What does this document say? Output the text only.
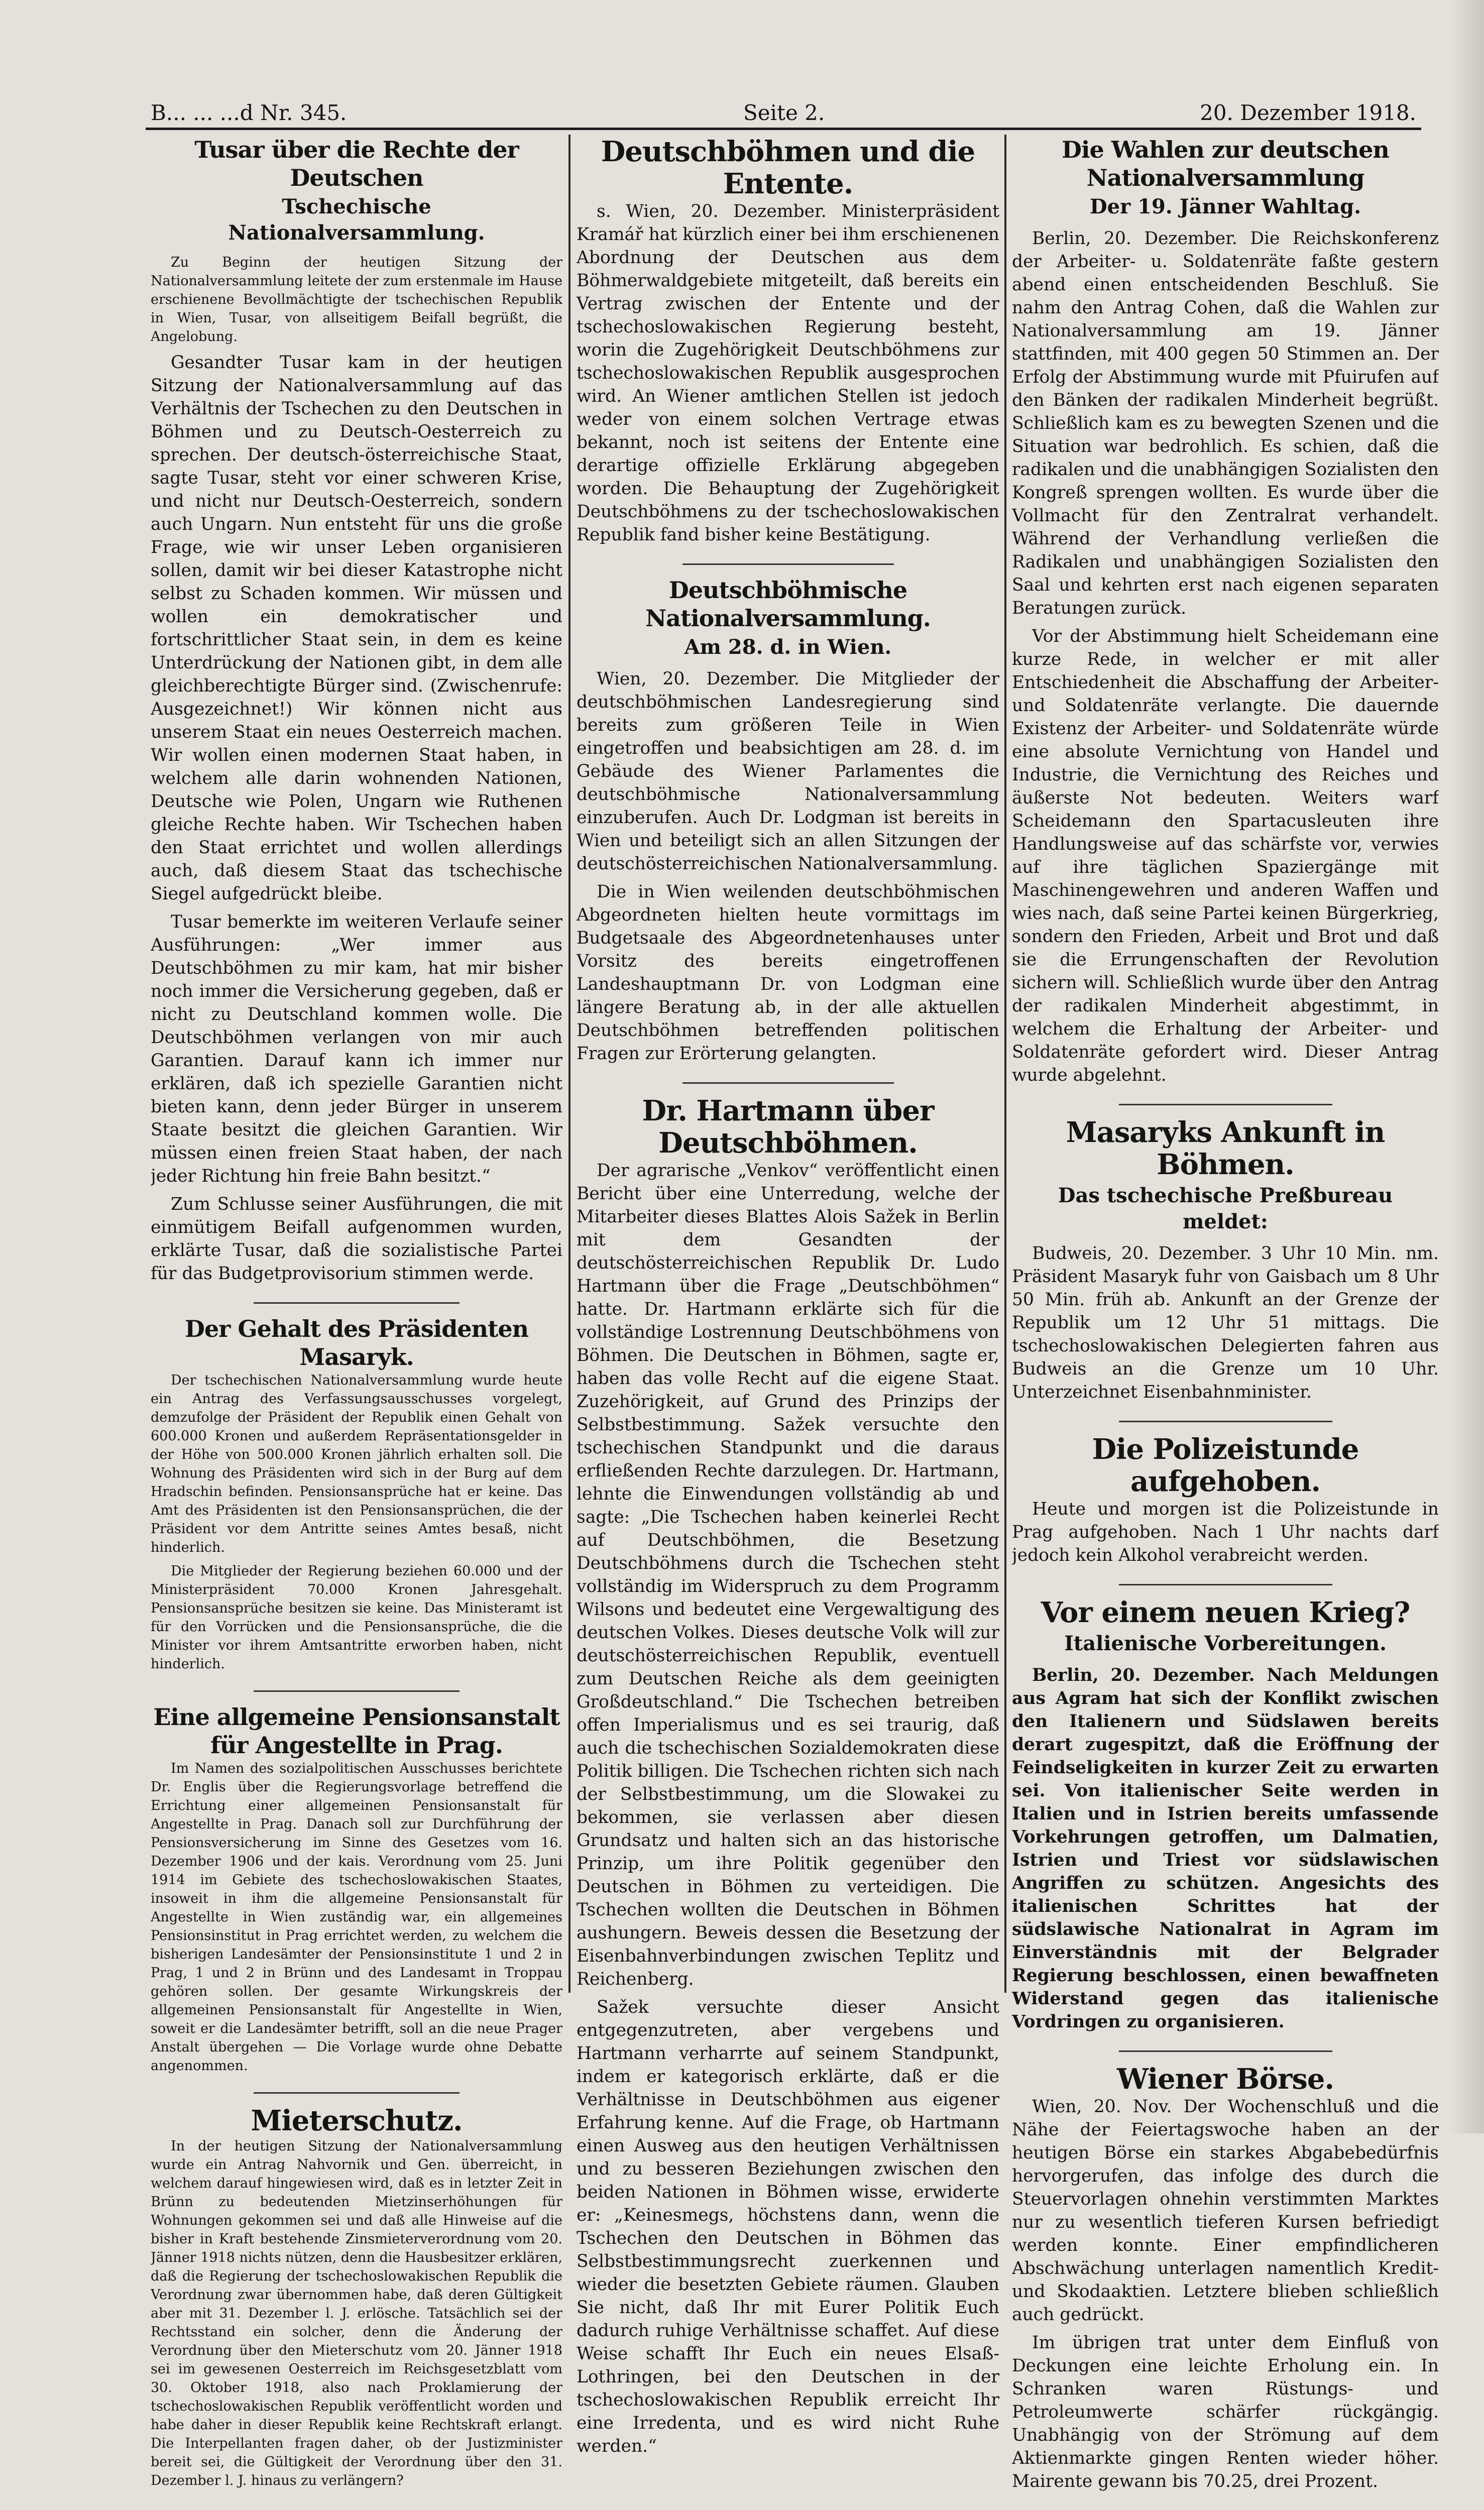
B... ... ...d Nr. 345.	Seite 2.	20. Dezember 1918.
Tusar über die Rechte der Deutschen
Tschechische Nationalversammlung.

Zu Beginn der heutigen Sitzung der Nationalversammlung leitete der zum erstenmale im Hause erschienene Bevollmächtigte der tschechischen Republik in Wien, Tusar, von allseitigem Beifall begrüßt, die Angelobung.

Gesandter Tusar kam in der heutigen Sitzung der Nationalversammlung auf das Verhältnis der Tschechen zu den Deutschen in Böhmen und zu Deutsch-Oesterreich zu sprechen. Der deutsch-österreichische Staat, sagte Tusar, steht vor einer schweren Krise, und nicht nur Deutsch-Oesterreich, sondern auch Ungarn. Nun entsteht für uns die große Frage, wie wir unser Leben organisieren sollen, damit wir bei dieser Katastrophe nicht selbst zu Schaden kommen. Wir müssen und wollen ein demokratischer und fortschrittlicher Staat sein, in dem es keine Unterdrückung der Nationen gibt, in dem alle gleichberechtigte Bürger sind. (Zwischenrufe: Ausgezeichnet!) Wir können nicht aus unserem Staat ein neues Oesterreich machen. Wir wollen einen modernen Staat haben, in welchem alle darin wohnenden Nationen, Deutsche wie Polen, Ungarn wie Ruthenen gleiche Rechte haben. Wir Tschechen haben den Staat errichtet und wollen allerdings auch, daß diesem Staat das tschechische Siegel aufgedrückt bleibe.

Tusar bemerkte im weiteren Verlaufe seiner Ausführungen: „Wer immer aus Deutschböhmen zu mir kam, hat mir bisher noch immer die Versicherung gegeben, daß er nicht zu Deutschland kommen wolle. Die Deutschböhmen verlangen von mir auch Garantien. Darauf kann ich immer nur erklären, daß ich spezielle Garantien nicht bieten kann, denn jeder Bürger in unserem Staate besitzt die gleichen Garantien. Wir müssen einen freien Staat haben, der nach jeder Richtung hin freie Bahn besitzt.“

Zum Schlusse seiner Ausführungen, die mit einmütigem Beifall aufgenommen wurden, erklärte Tusar, daß die sozialistische Partei für das Budgetprovisorium stimmen werde.

Der Gehalt des Präsidenten Masaryk.

Der tschechischen Nationalversammlung wurde heute ein Antrag des Verfassungsausschusses vorgelegt, demzufolge der Präsident der Republik einen Gehalt von 600.000 Kronen und außerdem Repräsentationsgelder in der Höhe von 500.000 Kronen jährlich erhalten soll. Die Wohnung des Präsidenten wird sich in der Burg auf dem Hradschin befinden. Pensionsansprüche hat er keine. Das Amt des Präsidenten ist den Pensionsansprüchen, die der Präsident vor dem Antritte seines Amtes besaß, nicht hinderlich.

Die Mitglieder der Regierung beziehen 60.000 und der Ministerpräsident 70.000 Kronen Jahresgehalt. Pensionsansprüche besitzen sie keine. Das Ministeramt ist für den Vorrücken und die Pensionsansprüche, die die Minister vor ihrem Amtsantritte erworben haben, nicht hinderlich.

Eine allgemeine Pensionsanstalt für Angestellte in Prag.

Im Namen des sozialpolitischen Ausschusses berichtete Dr. Englis über die Regierungsvorlage betreffend die Errichtung einer allgemeinen Pensionsanstalt für Angestellte in Prag. Danach soll zur Durchführung der Pensionsversicherung im Sinne des Gesetzes vom 16. Dezember 1906 und der kais. Verordnung vom 25. Juni 1914 im Gebiete des tschechoslowakischen Staates, insoweit in ihm die allgemeine Pensionsanstalt für Angestellte in Wien zuständig war, ein allgemeines Pensionsinstitut in Prag errichtet werden, zu welchem die bisherigen Landesämter der Pensionsinstitute 1 und 2 in Prag, 1 und 2 in Brünn und des Landesamt in Troppau gehören sollen. Der gesamte Wirkungskreis der allgemeinen Pensionsanstalt für Angestellte in Wien, soweit er die Landesämter betrifft, soll an die neue Prager Anstalt übergehen — Die Vorlage wurde ohne Debatte angenommen.

Mieterschutz.

In der heutigen Sitzung der Nationalversammlung wurde ein Antrag Nahvornik und Gen. überreicht, in welchem darauf hingewiesen wird, daß es in letzter Zeit in Brünn zu bedeutenden Mietzinserhöhungen für Wohnungen gekommen sei und daß alle Hinweise auf die bisher in Kraft bestehende Zinsmieterverordnung vom 20. Jänner 1918 nichts nützen, denn die Hausbesitzer erklären, daß die Regierung der tschechoslowakischen Republik die Verordnung zwar übernommen habe, daß deren Gültigkeit aber mit 31. Dezember l. J. erlösche. Tatsächlich sei der Rechtsstand ein solcher, denn die Änderung der Verordnung über den Mieterschutz vom 20. Jänner 1918 sei im gewesenen Oesterreich im Reichsgesetzblatt vom 30. Oktober 1918, also nach Proklamierung der tschechoslowakischen Republik veröffentlicht worden und habe daher in dieser Republik keine Rechtskraft erlangt. Die Interpellanten fragen daher, ob der Justizminister bereit sei, die Gültigkeit der Verordnung über den 31. Dezember l. J. hinaus zu verlängern?

Deutschböhmen und die Entente.

s. Wien, 20. Dezember. Ministerpräsident Kramář hat kürzlich einer bei ihm erschienenen Abordnung der Deutschen aus dem Böhmerwaldgebiete mitgeteilt, daß bereits ein Vertrag zwischen der Entente und der tschechoslowakischen Regierung besteht, worin die Zugehörigkeit Deutschböhmens zur tschechoslowakischen Republik ausgesprochen wird. An Wiener amtlichen Stellen ist jedoch weder von einem solchen Vertrage etwas bekannt, noch ist seitens der Entente eine derartige offizielle Erklärung abgegeben worden. Die Behauptung der Zugehörigkeit Deutschböhmens zu der tschechoslowakischen Republik fand bisher keine Bestätigung.

Deutschböhmische Nationalversammlung.
Am 28. d. in Wien.

Wien, 20. Dezember. Die Mitglieder der deutschböhmischen Landesregierung sind bereits zum größeren Teile in Wien eingetroffen und beabsichtigen am 28. d. im Gebäude des Wiener Parlamentes die deutschböhmische Nationalversammlung einzuberufen. Auch Dr. Lodgman ist bereits in Wien und beteiligt sich an allen Sitzungen der deutschösterreichischen Nationalversammlung.

Die in Wien weilenden deutschböhmischen Abgeordneten hielten heute vormittags im Budgetsaale des Abgeordnetenhauses unter Vorsitz des bereits eingetroffenen Landeshauptmann Dr. von Lodgman eine längere Beratung ab, in der alle aktuellen Deutschböhmen betreffenden politischen Fragen zur Erörterung gelangten.

Dr. Hartmann über Deutschböhmen.

Der agrarische „Venkov“ veröffentlicht einen Bericht über eine Unterredung, welche der Mitarbeiter dieses Blattes Alois Sažek in Berlin mit dem Gesandten der deutschösterreichischen Republik Dr. Ludo Hartmann über die Frage „Deutschböhmen“ hatte. Dr. Hartmann erklärte sich für die vollständige Lostrennung Deutschböhmens von Böhmen. Die Deutschen in Böhmen, sagte er, haben das volle Recht auf die eigene Staat. Zuzehörigkeit, auf Grund des Prinzips der Selbstbestimmung. Sažek versuchte den tschechischen Standpunkt und die daraus erfließenden Rechte darzulegen. Dr. Hartmann, lehnte die Einwendungen vollständig ab und sagte: „Die Tschechen haben keinerlei Recht auf Deutschböhmen, die Besetzung Deutschböhmens durch die Tschechen steht vollständig im Widerspruch zu dem Programm Wilsons und bedeutet eine Vergewaltigung des deutschen Volkes. Dieses deutsche Volk will zur deutschösterreichischen Republik, eventuell zum Deutschen Reiche als dem geeinigten Großdeutschland.“ Die Tschechen betreiben offen Imperialismus und es sei traurig, daß auch die tschechischen Sozialdemokraten diese Politik billigen. Die Tschechen richten sich nach der Selbstbestimmung, um die Slowakei zu bekommen, sie verlassen aber diesen Grundsatz und halten sich an das historische Prinzip, um ihre Politik gegenüber den Deutschen in Böhmen zu verteidigen. Die Tschechen wollten die Deutschen in Böhmen aushungern. Beweis dessen die Besetzung der Eisenbahnverbindungen zwischen Teplitz und Reichenberg.

Sažek versuchte dieser Ansicht entgegenzutreten, aber vergebens und Hartmann verharrte auf seinem Standpunkt, indem er kategorisch erklärte, daß er die Verhältnisse in Deutschböhmen aus eigener Erfahrung kenne. Auf die Frage, ob Hartmann einen Ausweg aus den heutigen Verhältnissen und zu besseren Beziehungen zwischen den beiden Nationen in Böhmen wisse, erwiderte er: „Keinesmegs, höchstens dann, wenn die Tschechen den Deutschen in Böhmen das Selbstbestimmungsrecht zuerkennen und wieder die besetzten Gebiete räumen. Glauben Sie nicht, daß Ihr mit Eurer Politik Euch dadurch ruhige Verhältnisse schaffet. Auf diese Weise schafft Ihr Euch ein neues Elsaß-Lothringen, bei den Deutschen in der tschechoslowakischen Republik erreicht Ihr eine Irredenta, und es wird nicht Ruhe werden.“

Die Wahlen zur deutschen Nationalversammlung
Der 19. Jänner Wahltag.

Berlin, 20. Dezember. Die Reichskonferenz der Arbeiter- u. Soldatenräte faßte gestern abend einen entscheidenden Beschluß. Sie nahm den Antrag Cohen, daß die Wahlen zur Nationalversammlung am 19. Jänner stattfinden, mit 400 gegen 50 Stimmen an. Der Erfolg der Abstimmung wurde mit Pfuirufen auf den Bänken der radikalen Minderheit begrüßt. Schließlich kam es zu bewegten Szenen und die Situation war bedrohlich. Es schien, daß die radikalen und die unabhängigen Sozialisten den Kongreß sprengen wollten. Es wurde über die Vollmacht für den Zentralrat verhandelt. Während der Verhandlung verließen die Radikalen und unabhängigen Sozialisten den Saal und kehrten erst nach eigenen separaten Beratungen zurück.

Vor der Abstimmung hielt Scheidemann eine kurze Rede, in welcher er mit aller Entschiedenheit die Abschaffung der Arbeiter- und Soldatenräte verlangte. Die dauernde Existenz der Arbeiter- und Soldatenräte würde eine absolute Vernichtung von Handel und Industrie, die Vernichtung des Reiches und äußerste Not bedeuten. Weiters warf Scheidemann den Spartacusleuten ihre Handlungsweise auf das schärfste vor, verwies auf ihre täglichen Spaziergänge mit Maschinengewehren und anderen Waffen und wies nach, daß seine Partei keinen Bürgerkrieg, sondern den Frieden, Arbeit und Brot und daß sie die Errungenschaften der Revolution sichern will. Schließlich wurde über den Antrag der radikalen Minderheit abgestimmt, in welchem die Erhaltung der Arbeiter- und Soldatenräte gefordert wird. Dieser Antrag wurde abgelehnt.

Masaryks Ankunft in Böhmen.
Das tschechische Preßbureau meldet:

Budweis, 20. Dezember. 3 Uhr 10 Min. nm. Präsident Masaryk fuhr von Gaisbach um 8 Uhr 50 Min. früh ab. Ankunft an der Grenze der Republik um 12 Uhr 51 mittags. Die tschechoslowakischen Delegierten fahren aus Budweis an die Grenze um 10 Uhr. Unterzeichnet Eisenbahnminister.

Die Polizeistunde aufgehoben.

Heute und morgen ist die Polizeistunde in Prag aufgehoben. Nach 1 Uhr nachts darf jedoch kein Alkohol verabreicht werden.

Vor einem neuen Krieg?
Italienische Vorbereitungen.

Berlin, 20. Dezember. Nach Meldungen aus Agram hat sich der Konflikt zwischen den Italienern und Südslawen bereits derart zugespitzt, daß die Eröffnung der Feindseligkeiten in kurzer Zeit zu erwarten sei. Von italienischer Seite werden in Italien und in Istrien bereits umfassende Vorkehrungen getroffen, um Dalmatien, Istrien und Triest vor südslawischen Angriffen zu schützen. Angesichts des italienischen Schrittes hat der südslawische Nationalrat in Agram im Einverständnis mit der Belgrader Regierung beschlossen, einen bewaffneten Widerstand gegen das italienische Vordringen zu organisieren.

Wiener Börse.

Wien, 20. Nov. Der Wochenschluß und die Nähe der Feiertagswoche haben an der heutigen Börse ein starkes Abgabebedürfnis hervorgerufen, das infolge des durch die Steuervorlagen ohnehin verstimmten Marktes nur zu wesentlich tieferen Kursen befriedigt werden konnte. Einer empfindlicheren Abschwächung unterlagen namentlich Kredit- und Skodaaktien. Letztere blieben schließlich auch gedrückt.

Im übrigen trat unter dem Einfluß von Deckungen eine leichte Erholung ein. In Schranken waren Rüstungs- und Petroleumwerte schärfer rückgängig. Unabhängig von der Strömung auf dem Aktienmarkte gingen Renten wieder höher. Mairente gewann bis 70.25, drei Prozent.
